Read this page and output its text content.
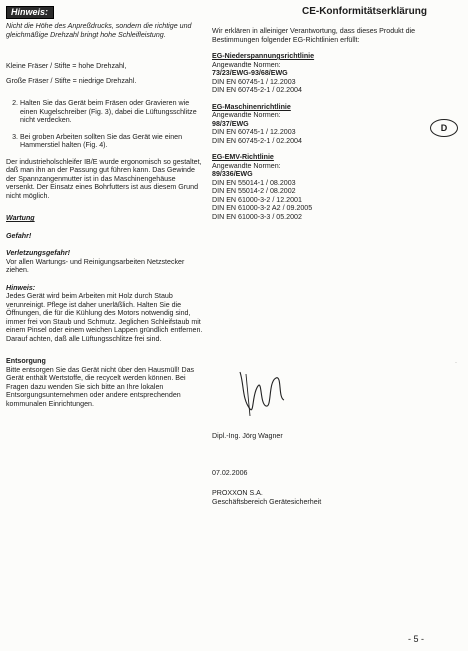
Hinweis:

Nicht die Höhe des Anpreßdrucks, sondern die richtige und gleichmäßige Drehzahl bringt hohe Schleifleistung.

Kleine Fräser / Stifte = hohe Drehzahl,

Große Fräser / Stifte = niedrige Drehzahl.

2. Halten Sie das Gerät beim Fräsen oder Gravieren wie einen Kugelschreiber (Fig. 3), dabei die Lüftungsschlitze nicht verdecken.
3. Bei groben Arbeiten sollten Sie das Gerät wie einen Hammerstiel halten (Fig. 4).

Der industrieholschleifer IB/E wurde ergonomisch so gestaltet, daß man ihn an der Passung gut führen kann. Das Gewinde der Spannzangenmutter ist in das Maschinengehäuse versenkt. Der Einsatz eines Bohrfutters ist aus diesem Grund nicht möglich.

Wartung

Gefahr!

Verletzungsgefahr!

Vor allen Wartungs- und Reinigungsarbeiten Netzstecker ziehen.

Hinweis:

Jedes Gerät wird beim Arbeiten mit Holz durch Staub verunreinigt. Pflege ist daher unerläßlich. Halten Sie die Öffnungen, die für die Kühlung des Motors notwendig sind, immer frei von Staub und Schmutz. Jeglichen Schleifstaub mit einem Pinsel oder einem weichen Lappen gründlich entfernen. Darauf achten, daß alle Lüftungsschlitze frei sind.

Entsorgung

Bitte entsorgen Sie das Gerät nicht über den Hausmüll! Das Gerät enthält Wertstoffe, die recycelt werden können. Bei Fragen dazu wenden Sie sich bitte an Ihre lokalen Entsorgungsunternehmen oder andere entsprechenden kommunalen Einrichtungen.

CE-Konformitätserklärung

Wir erklären in alleiniger Verantwortung, dass dieses Produkt die Bestimmungen folgender EG-Richtlinien erfüllt:

EG-Niederspannungsrichtlinie

Angewandte Normen:

73/23/EWG-93/68/EWG

DIN EN 60745-1 / 12.2003

DIN EN 60745-2-1 / 02.2004

EG-Maschinenrichtlinie

Angewandte Normen:

98/37/EWG

DIN EN 60745-1 / 12.2003

DIN EN 60745-2-1 / 02.2004

EG-EMV-Richtlinie

Angewandte Normen:

89/336/EWG

DIN EN 55014-1 / 08.2003

DIN EN 55014-2 / 08.2002

DIN EN 61000-3-2 / 12.2001

DIN EN 61000-3-2 A2 / 09.2005

DIN EN 61000-3-3 / 05.2002

D
Dipl.-Ing. Jörg Wagner
07.02.2006
PROXXON S.A.
Geschäftsbereich Gerätesicherheit
·
- 5 -
